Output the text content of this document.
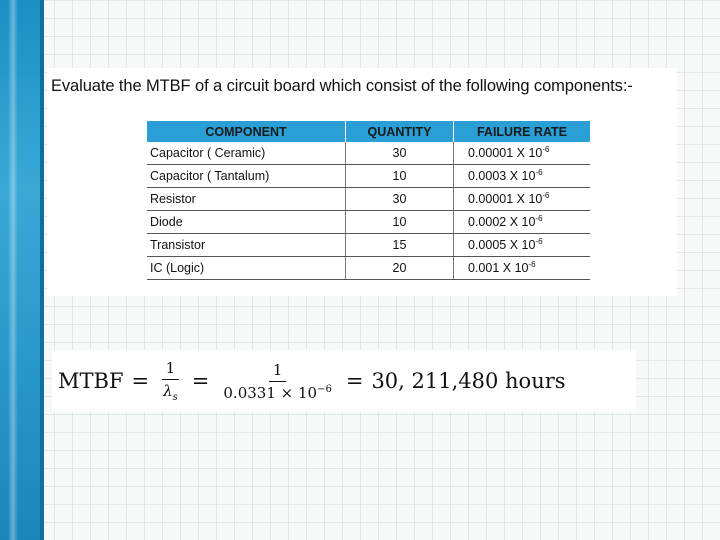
Evaluate the MTBF of a circuit board which consist of the following components:-
COMPONENT	QUANTITY	FAILURE RATE
Capacitor ( Ceramic)	30	0.00001 X $10^{-6}$
Capacitor ( Tantalum)	10	0.0003 X $10^{-6}$
Resistor	30	0.00001 X $10^{-6}$
Diode	10	0.0002 X $10^{-6}$
Transistor	15	0.0005 X $10^{-6}$
IC (Logic)	20	0.001 X $10^{-6}$
MTBF = $\frac{1}{\lambda_s} = \frac{1}{0.0331 \times 10^{-6}} = 30$, 211,480 hours
